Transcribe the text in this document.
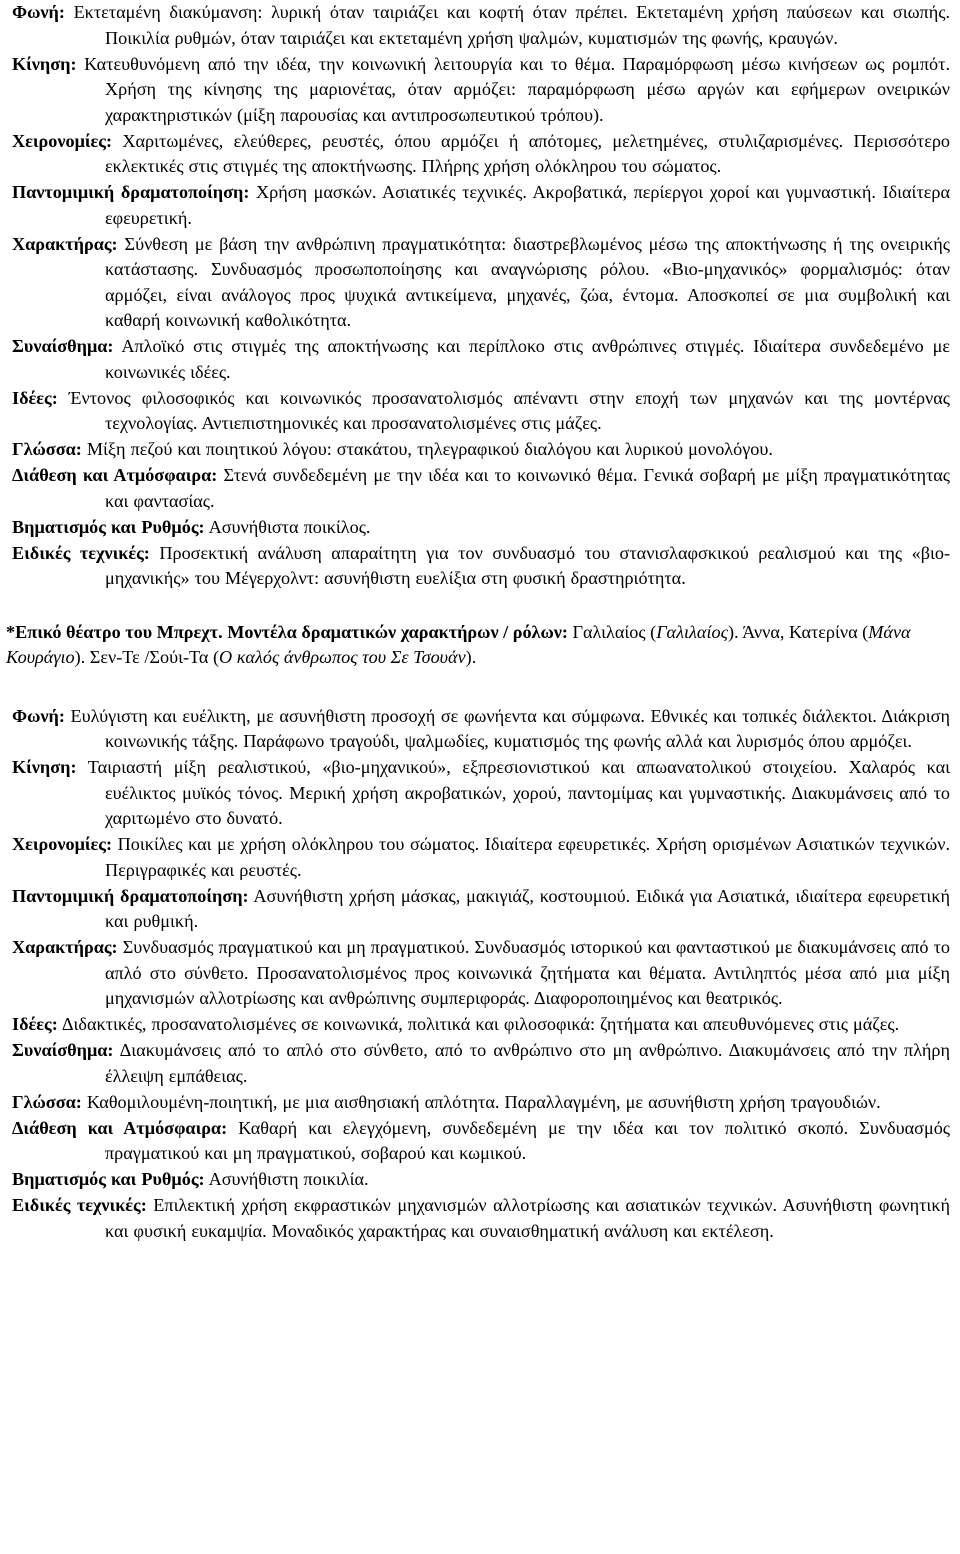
Φωνή: Εκτεταμένη διακύμανση: λυρική όταν ταιριάζει και κοφτή όταν πρέπει. Εκτεταμένη χρήση παύσεων και σιωπής. Ποικιλία ρυθμών, όταν ταιριάζει και εκτεταμένη χρήση ψαλμών, κυματισμών της φωνής, κραυγών.

Κίνηση: Κατευθυνόμενη από την ιδέα, την κοινωνική λειτουργία και το θέμα. Παραμόρφωση μέσω κινήσεων ως ρομπότ. Χρήση της κίνησης της μαριονέτας, όταν αρμόζει: παραμόρφωση μέσω αργών και εφήμερων ονειρικών χαρακτηριστικών (μίξη παρουσίας και αντιπροσωπευτικού τρόπου).

Χειρονομίες: Χαριτωμένες, ελεύθερες, ρευστές, όπου αρμόζει ή απότομες, μελετημένες, στυλιζαρισμένες. Περισσότερο εκλεκτικές στις στιγμές της αποκτήνωσης. Πλήρης χρήση ολόκληρου του σώματος.

Παντομιμική δραματοποίηση: Χρήση μασκών. Ασιατικές τεχνικές. Ακροβατικά, περίεργοι χοροί και γυμναστική. Ιδιαίτερα εφευρετική.

Χαρακτήρας: Σύνθεση με βάση την ανθρώπινη πραγματικότητα: διαστρεβλωμένος μέσω της αποκτήνωσης ή της ονειρικής κατάστασης. Συνδυασμός προσωποποίησης και αναγνώρισης ρόλου. «Βιο-μηχανικός» φορμαλισμός: όταν αρμόζει, είναι ανάλογος προς ψυχικά αντικείμενα, μηχανές, ζώα, έντομα. Αποσκοπεί σε μια συμβολική και καθαρή κοινωνική καθολικότητα.

Συναίσθημα: Απλοϊκό στις στιγμές της αποκτήνωσης και περίπλοκο στις ανθρώπινες στιγμές. Ιδιαίτερα συνδεδεμένο με κοινωνικές ιδέες.

Ιδέες: Έντονος φιλοσοφικός και κοινωνικός προσανατολισμός απέναντι στην εποχή των μηχανών και της μοντέρνας τεχνολογίας. Αντιεπιστημονικές και προσανατολισμένες στις μάζες.

Γλώσσα: Μίξη πεζού και ποιητικού λόγου: στακάτου, τηλεγραφικού διαλόγου και λυρικού μονολόγου.

Διάθεση και Ατμόσφαιρα: Στενά συνδεδεμένη με την ιδέα και το κοινωνικό θέμα. Γενικά σοβαρή με μίξη πραγματικότητας και φαντασίας.

Βηματισμός και Ρυθμός: Ασυνήθιστα ποικίλος.

Ειδικές τεχνικές: Προσεκτική ανάλυση απαραίτητη για τον συνδυασμό του στανισλαφσκικού ρεαλισμού και της «βιο-μηχανικής» του Μέγερχολντ: ασυνήθιστη ευελίξια στη φυσική δραστηριότητα.

*Επικό θέατρο του Μπρεχτ. Μοντέλα δραματικών χαρακτήρων / ρόλων: Γαλιλαίος (Γαλιλαίος). Άννα, Κατερίνα (Μάνα Κουράγιο). Σεν-Τε /Σούι-Τα (Ο καλός άνθρωπος του Σε Τσουάν).

Φωνή: Ευλύγιστη και ευέλικτη, με ασυνήθιστη προσοχή σε φωνήεντα και σύμφωνα. Εθνικές και τοπικές διάλεκτοι. Διάκριση κοινωνικής τάξης. Παράφωνο τραγούδι, ψαλμωδίες, κυματισμός της φωνής αλλά και λυρισμός όπου αρμόζει.

Κίνηση: Ταιριαστή μίξη ρεαλιστικού, «βιο-μηχανικού», εξπρεσιονιστικού και απωανατολικού στοιχείου. Χαλαρός και ευέλικτος μυϊκός τόνος. Μερική χρήση ακροβατικών, χορού, παντομίμας και γυμναστικής. Διακυμάνσεις από το χαριτωμένο στο δυνατό.

Χειρονομίες: Ποικίλες και με χρήση ολόκληρου του σώματος. Ιδιαίτερα εφευρετικές. Χρήση ορισμένων Ασιατικών τεχνικών. Περιγραφικές και ρευστές.

Παντομιμική δραματοποίηση: Ασυνήθιστη χρήση μάσκας, μακιγιάζ, κοστουμιού. Ειδικά για Ασιατικά, ιδιαίτερα εφευρετική και ρυθμική.

Χαρακτήρας: Συνδυασμός πραγματικού και μη πραγματικού. Συνδυασμός ιστορικού και φανταστικού με διακυμάνσεις από το απλό στο σύνθετο. Προσανατολισμένος προς κοινωνικά ζητήματα και θέματα. Αντιληπτός μέσα από μια μίξη μηχανισμών αλλοτρίωσης και ανθρώπινης συμπεριφοράς. Διαφοροποιημένος και θεατρικός.

Ιδέες: Διδακτικές, προσανατολισμένες σε κοινωνικά, πολιτικά και φιλοσοφικά: ζητήματα και απευθυνόμενες στις μάζες.

Συναίσθημα: Διακυμάνσεις από το απλό στο σύνθετο, από το ανθρώπινο στο μη ανθρώπινο. Διακυμάνσεις από την πλήρη έλλειψη εμπάθειας.

Γλώσσα: Καθομιλουμένη-ποιητική, με μια αισθησιακή απλότητα. Παραλλαγμένη, με ασυνήθιστη χρήση τραγουδιών.

Διάθεση και Ατμόσφαιρα: Καθαρή και ελεγχόμενη, συνδεδεμένη με την ιδέα και τον πολιτικό σκοπό. Συνδυασμός πραγματικού και μη πραγματικού, σοβαρού και κωμικού.

Βηματισμός και Ρυθμός: Ασυνήθιστη ποικιλία.

Ειδικές τεχνικές: Επιλεκτική χρήση εκφραστικών μηχανισμών αλλοτρίωσης και ασιατικών τεχνικών. Ασυνήθιστη φωνητική και φυσική ευκαμψία. Μοναδικός χαρακτήρας και συναισθηματική ανάλυση και εκτέλεση.
